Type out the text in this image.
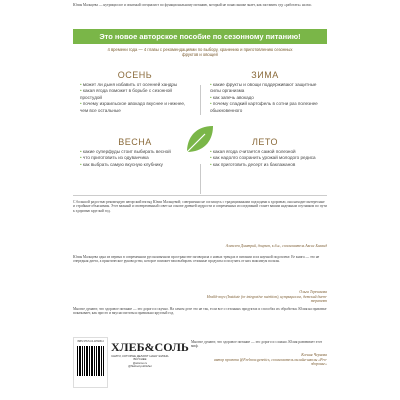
Юлия Мальцева — нутрициолог и опытный специалист по функциональному питанию, который не понаслышке знает, как заставить еду «работать» на вас.
Это новое авторское пособие по сезонному питанию!
4 времени года — 4 главы с рекомендациями по выбору, хранению и приготовлению сезонных фруктов и овощей
ОСЕНЬ
• может ли дыня избавить от осенней хандры
• какая ягода поможет в борьбе с сезонной простудой
• почему израильское авокадо вкуснее и нежнее, чем все остальные
ЗИМА
• какие фрукты и овощи поддерживают защитные силы организма
• как запечь авокадо
• почему сладкий картофель в сотни раз полезнее обыкновенного
ВЕСНА
• какие суперфуды стоит выбирать весной
• что приготовить из одуванчика
• как выбрать самую вкусную клубнику
ЛЕТО
• какая ягода считается самой полезной
• как надолго сохранить урожай молодого редиса
• как приготовить десерт из баклажанов
С большой радостью рекомендую авторский взгляд Юлии Мальцевой; совершенно не соглашусь с традиционными подходами к здоровью, она находит интересные и стройные объяснения. Этот важный и своевременный совет на основе древней мудрости и современных исследований станет вашим надежным спутником по пути к здоровью круглый год.
Алексеев Дмитрий, доцент, к.б.н., сооснователь Аксис Баланд
Юлия Мальцева одна из первых в современном русскоязычном пространстве заговорила о новых трендах в питании и их научной подоплеке. Ее книга — это не очередная диета, а практическое руководство, которое поможет вам выбирать сезонные продукты и получать от них максимум пользы.
Ольга Терешкова
Health-коуч (Institute for integrative nutrition), нутрициолог, детский диет-терапевт
Многие думают, что здоровое питание — это дорого и скучно. На самом деле это не так, если все о сезонных продуктах и способах их обработки. Юлия на практике показывает, как просто и вкусно питаться правильно круглый год.
ISBN 978-5-04-115908-4 ХЛЕБ&СОЛЬ
КНИГИ, КОТОРЫЕ ДЕЛАЮТ НАШУ ЖИЗНЬ ВКУСНЕЕ
@eksmo.ru
@hlebsol.publisher
Многие думают, что здоровое питание — это дорого и сложно. Юлия развеивает этот миф.
Ксения Чернова
автор проекта @Feelnow.genetics, сооснователь онлайн-школы «Pro-здоровье»
